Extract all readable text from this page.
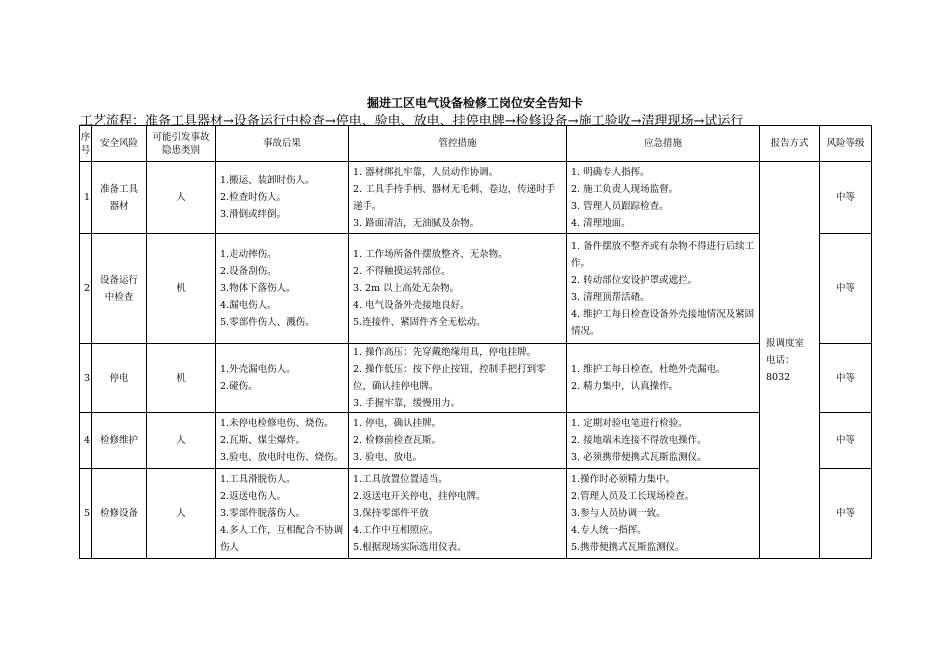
掘进工区电气设备检修工岗位安全告知卡
工艺流程：准备工具器材→设备运行中检查→停电、验电、放电、挂停电牌→检修设备→施工验收→清理现场→试运行
序号	安全风险	可能引发事故隐患类别	事故后果	管控措施	应急措施	报告方式	风险等级
1	准备工具器材	人	1.搬运、装卸时伤人。
2.检查时伤人。
3.滑倒或绊倒。	1. 器材绑扎牢靠，人员动作协调。
2. 工具手持手柄、器材无毛刺、卷边，传递时手递手。
3. 路面清洁，无油腻及杂物。	1. 明确专人指挥。
2. 施工负责人现场监督。
3. 管理人员跟踪检查。
4. 清理地面。	报调度室
电话：8032	中等
2	设备运行中检查	机	1.走动摔伤。
2.设备刮伤。
3.物体下落伤人。
4.漏电伤人。
5.零部件伤人、溅伤。	1. 工作场所备件摆放整齐、无杂物。
2. 不得触摸运转部位。
3. 2m 以上高处无杂物。
4. 电气设备外壳接地良好。
5.连接件、紧固件齐全无松动。	1. 备件摆放不整齐或有杂物不得进行后续工作。
2. 转动部位安设护罩或遮拦。
3. 清理顶帮活碴。
4. 维护工每日检查设备外壳接地情况及紧固情况。		中等
3	停电	机	1.外壳漏电伤人。
2.碰伤。	1. 操作高压：先穿戴绝缘用具，停电挂牌。
2. 操作低压：按下停止按钮，控制手把打到零位，确认挂停电牌。
3. 手握牢靠，缓慢用力。	1. 维护工每日检查，杜绝外壳漏电。
2. 精力集中，认真操作。		中等
4	检修维护	人	1.未停电检修电伤、烧伤。
2.瓦斯、煤尘爆炸。
3.验电、放电时电伤、烧伤。	1. 停电，确认挂牌。
2. 检修前检查瓦斯。
3. 验电、放电。	1. 定期对验电笔进行检验。
2. 接地端未连接不得放电操作。
3. 必须携带便携式瓦斯监测仪。		中等
5	检修设备	人	1.工具滑脱伤人。
2.返送电伤人。
3.零部件脱落伤人。
4.多人工作，互相配合不协调伤人	1.工具放置位置适当。
2.返送电开关停电，挂停电牌。
3.保持零部件平放
4.工作中互相照应。
5.根据现场实际选用仪表。	1.操作时必须精力集中。
2.管理人员及工长现场检查。
3.参与人员协调一致。
4.专人统一指挥。
5.携带便携式瓦斯监测仪。		中等
